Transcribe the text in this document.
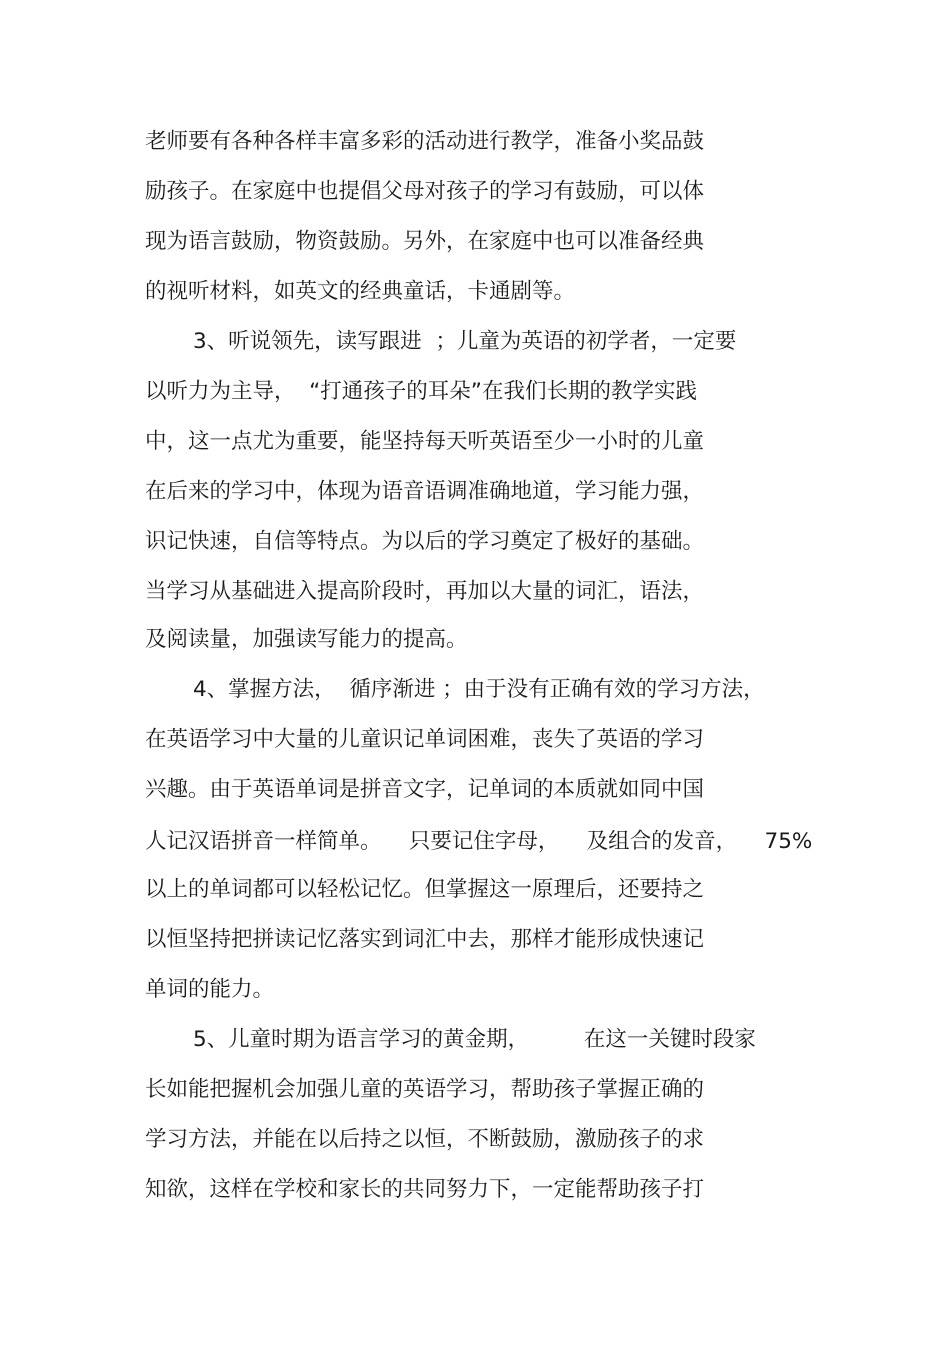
老师要有各种各样丰富多彩的活动进行教学，准备小奖品鼓

励孩子。在家庭中也提倡父母对孩子的学习有鼓励，可以体

现为语言鼓励，物资鼓励。另外，在家庭中也可以准备经典

的视听材料，如英文的经典童话，卡通剧等。

3、听说领先，读写跟进  ；儿童为英语的初学者，一定要

以听力为主导，  “打通孩子的耳朵”在我们长期的教学实践

中，这一点尤为重要，能坚持每天听英语至少一小时的儿童

在后来的学习中，体现为语音语调准确地道，学习能力强，

识记快速，自信等特点。为以后的学习奠定了极好的基础。

当学习从基础进入提高阶段时，再加以大量的词汇，语法，

及阅读量，加强读写能力的提高。

4、掌握方法，  循序渐进 ；由于没有正确有效的学习方法，

在英语学习中大量的儿童识记单词困难，丧失了英语的学习

兴趣。由于英语单词是拼音文字，记单词的本质就如同中国

人记汉语拼音一样简单。    只要记住字母，    及组合的发音，    75%

以上的单词都可以轻松记忆。但掌握这一原理后，还要持之

以恒坚持把拼读记忆落实到词汇中去，那样才能形成快速记

单词的能力。

5、儿童时期为语言学习的黄金期，        在这一关键时段家

长如能把握机会加强儿童的英语学习，帮助孩子掌握正确的

学习方法，并能在以后持之以恒，不断鼓励，激励孩子的求

知欲，这样在学校和家长的共同努力下，一定能帮助孩子打
